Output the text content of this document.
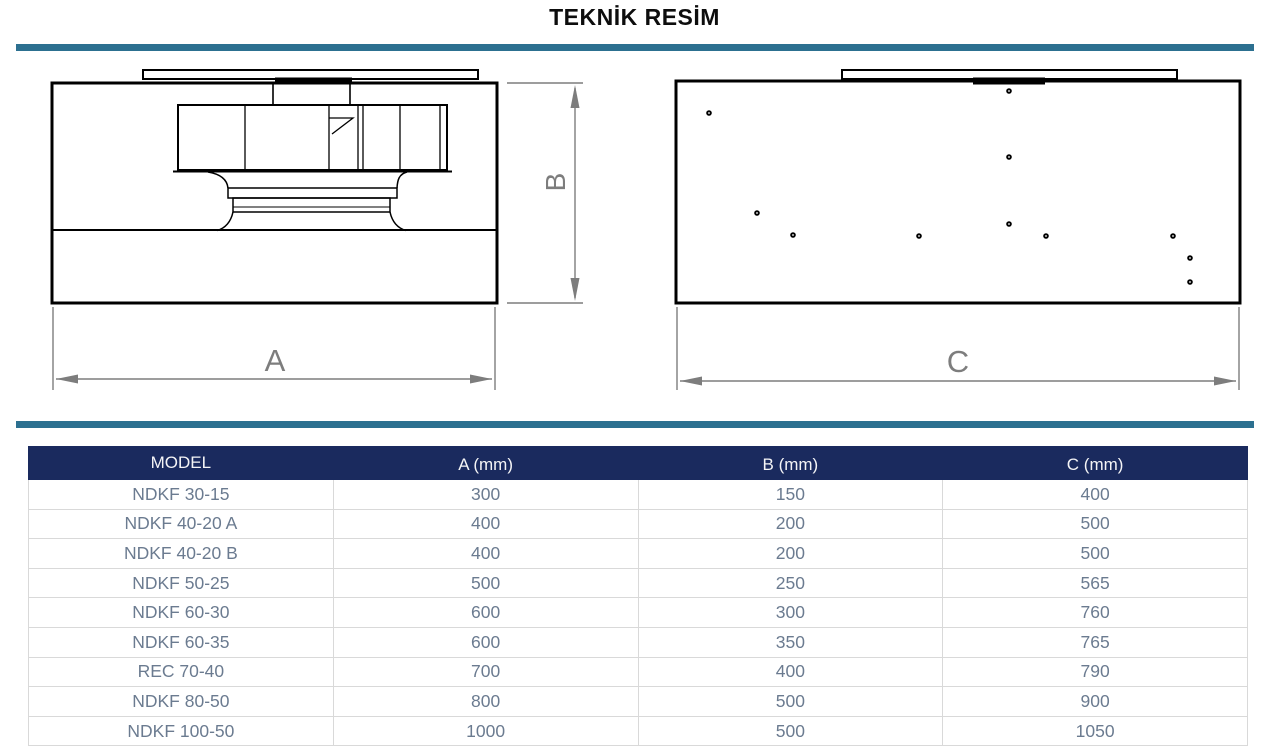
TEKNİK RESİM
B
A	C
MODEL	A (mm)	B (mm)	C (mm)
NDKF 30-15	300	150	400
NDKF 40-20 A	400	200	500
NDKF 40-20 B	400	200	500
NDKF 50-25	500	250	565
NDKF 60-30	600	300	760
NDKF 60-35	600	350	765
REC 70-40	700	400	790
NDKF 80-50	800	500	900
NDKF 100-50	1000	500	1050
